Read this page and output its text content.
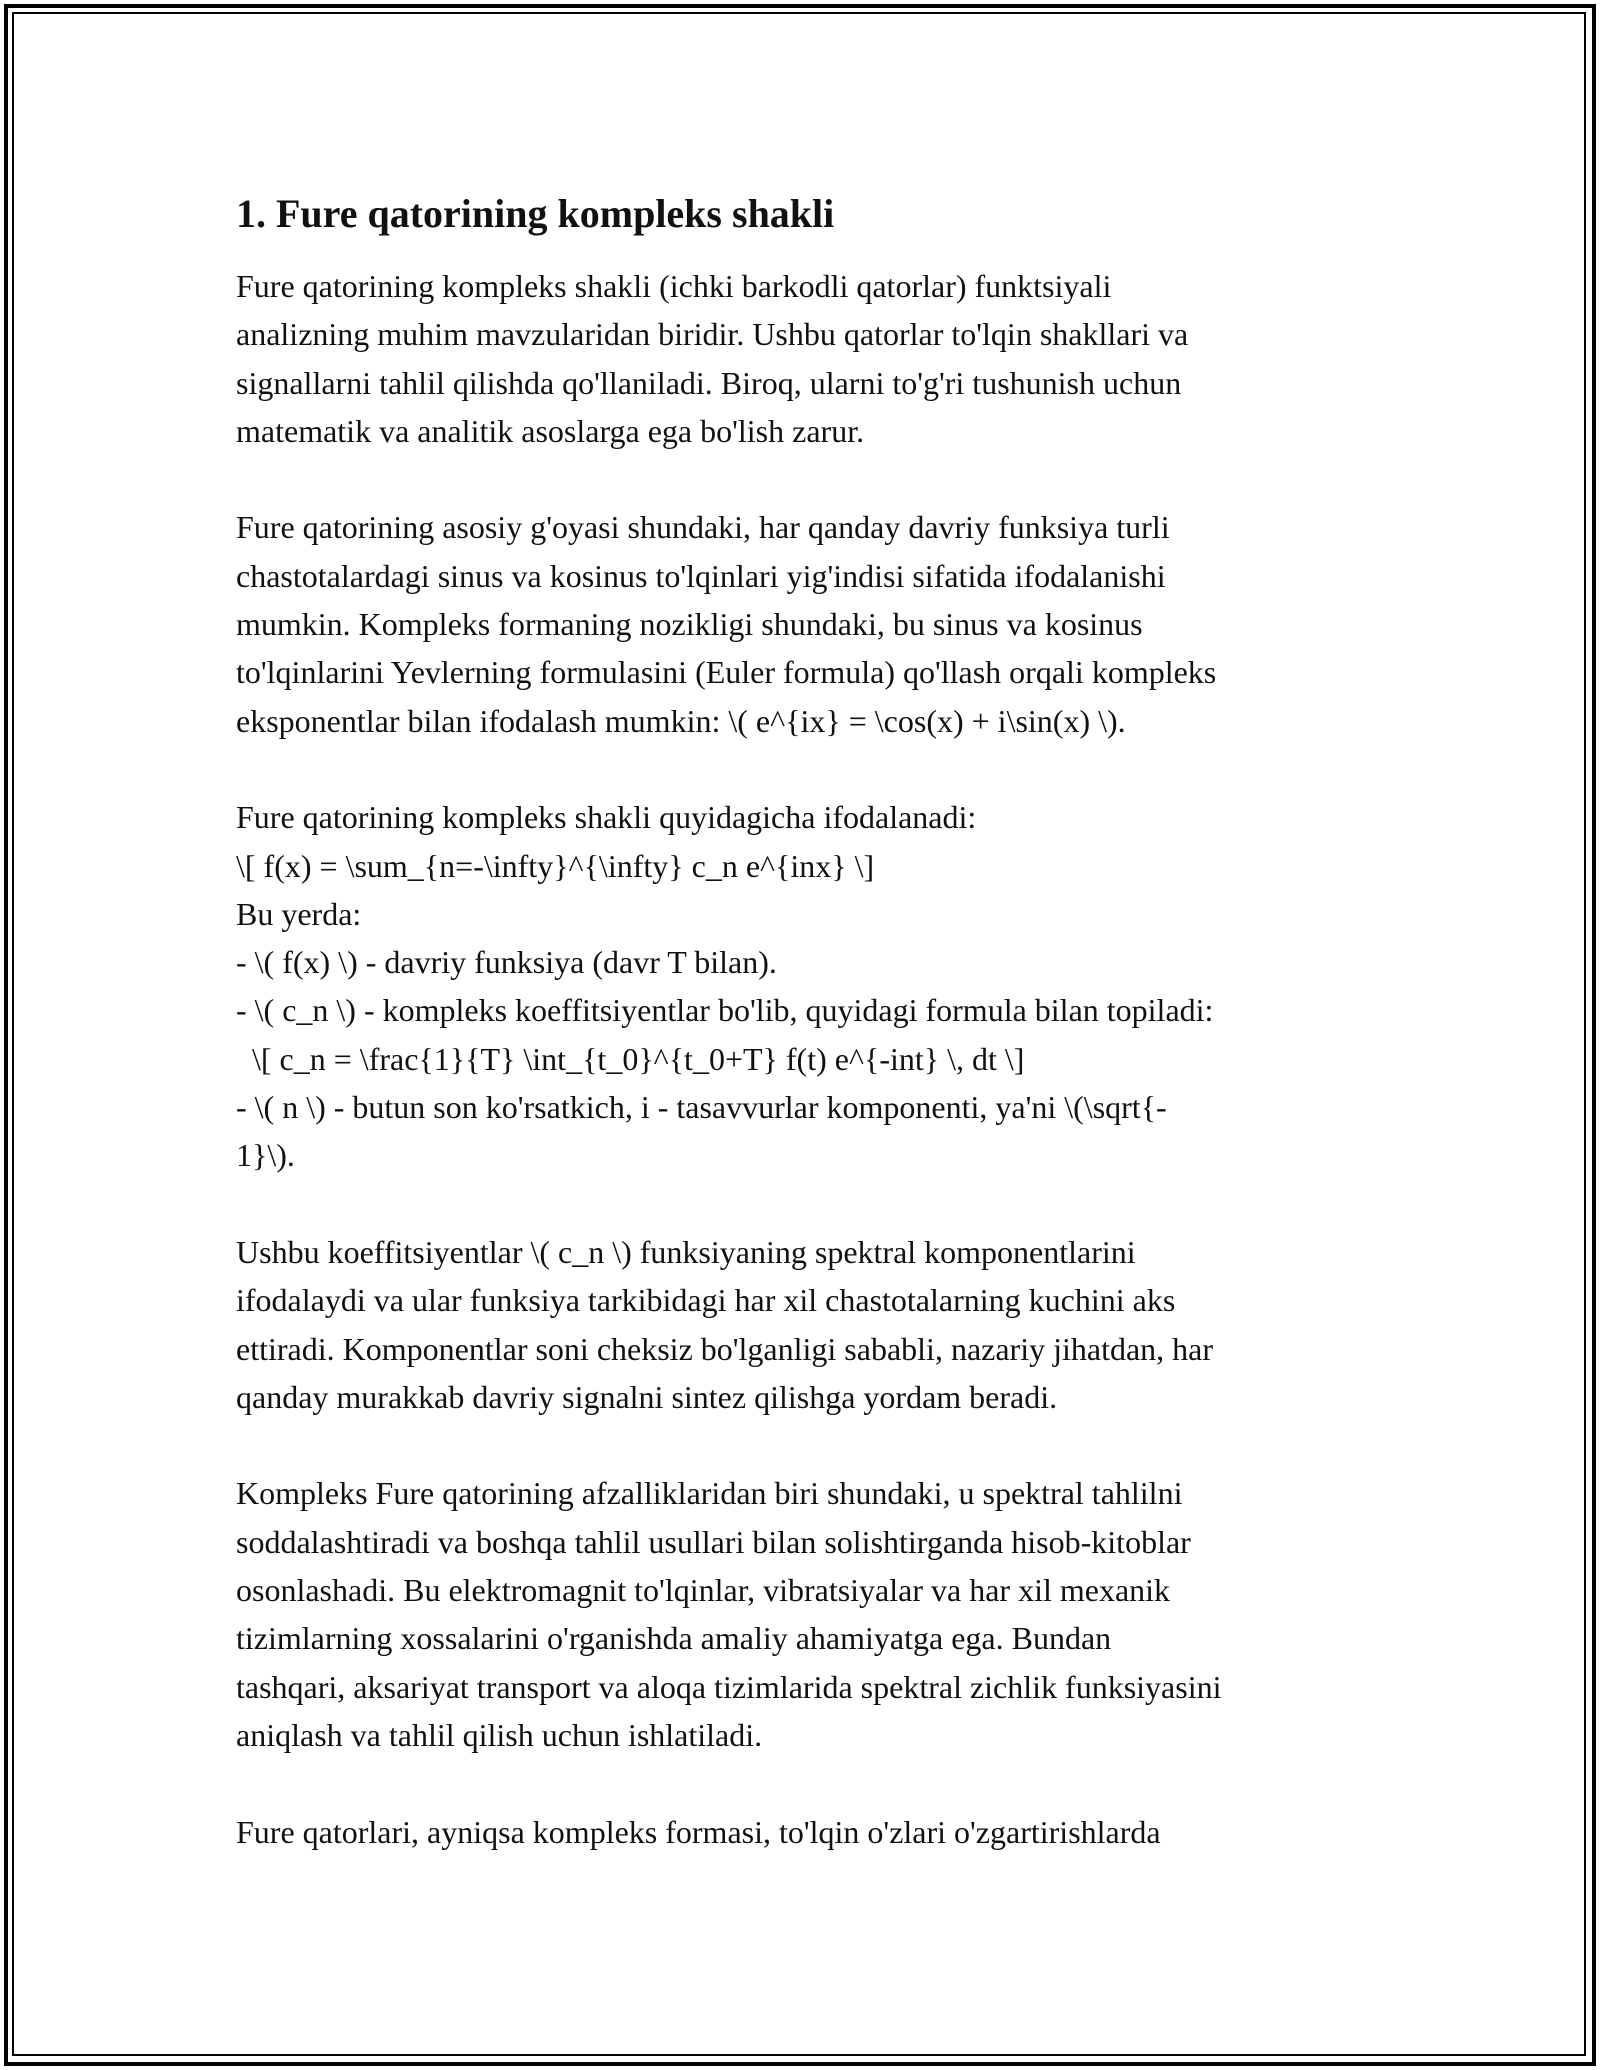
1. Fure qatorining kompleks shakli

Fure qatorining kompleks shakli (ichki barkodli qatorlar) funktsiyali
analizning muhim mavzularidan biridir. Ushbu qatorlar to'lqin shakllari va
signallarni tahlil qilishda qo'llaniladi. Biroq, ularni to'g'ri tushunish uchun
matematik va analitik asoslarga ega bo'lish zarur.

Fure qatorining asosiy g'oyasi shundaki, har qanday davriy funksiya turli
chastotalardagi sinus va kosinus to'lqinlari yig'indisi sifatida ifodalanishi
mumkin. Kompleks formaning nozikligi shundaki, bu sinus va kosinus
to'lqinlarini Yevlerning formulasini (Euler formula) qo'llash orqali kompleks
eksponentlar bilan ifodalash mumkin: \( e^{ix} = \cos(x) + i\sin(x) \).

Fure qatorining kompleks shakli quyidagicha ifodalanadi:
\[ f(x) = \sum_{n=-\infty}^{\infty} c_n e^{inx} \]
Bu yerda:
- \( f(x) \) - davriy funksiya (davr T bilan).
- \( c_n \) - kompleks koeffitsiyentlar bo'lib, quyidagi formula bilan topiladi:
\[ c_n = \frac{1}{T} \int_{t_0}^{t_0+T} f(t) e^{-int} \, dt \]
- \( n \) - butun son ko'rsatkich, i - tasavvurlar komponenti, ya'ni \(\sqrt{-
1}\).

Ushbu koeffitsiyentlar \( c_n \) funksiyaning spektral komponentlarini
ifodalaydi va ular funksiya tarkibidagi har xil chastotalarning kuchini aks
ettiradi. Komponentlar soni cheksiz bo'lganligi sababli, nazariy jihatdan, har
qanday murakkab davriy signalni sintez qilishga yordam beradi.

Kompleks Fure qatorining afzalliklaridan biri shundaki, u spektral tahlilni
soddalashtiradi va boshqa tahlil usullari bilan solishtirganda hisob-kitoblar
osonlashadi. Bu elektromagnit to'lqinlar, vibratsiyalar va har xil mexanik
tizimlarning xossalarini o'rganishda amaliy ahamiyatga ega. Bundan
tashqari, aksariyat transport va aloqa tizimlarida spektral zichlik funksiyasini
aniqlash va tahlil qilish uchun ishlatiladi.

Fure qatorlari, ayniqsa kompleks formasi, to'lqin o'zlari o'zgartirishlarda
